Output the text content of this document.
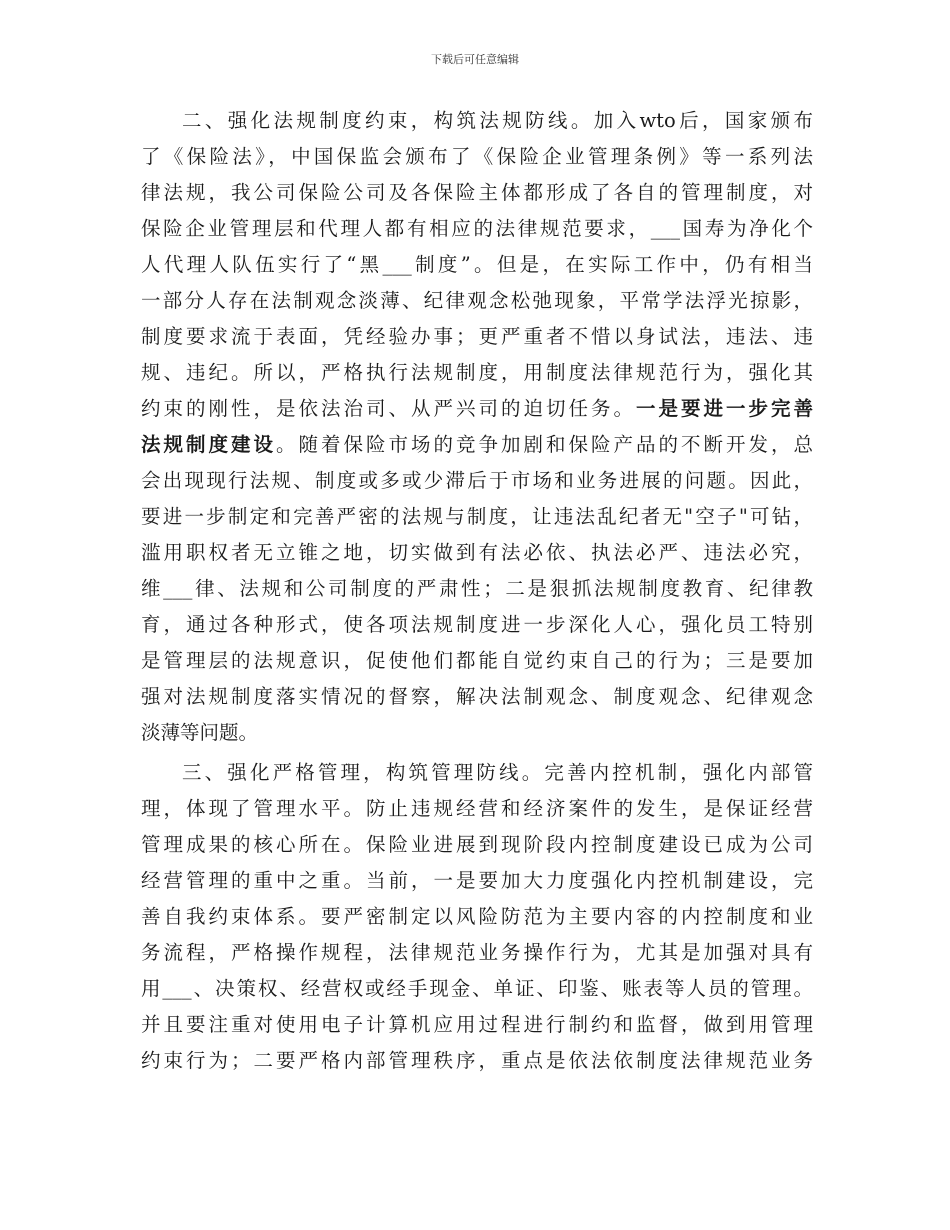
下载后可任意编辑
二、强化法规制度约束，构筑法规防线。加入wto后，国家颁布
了《保险法》，中国保监会颁布了《保险企业管理条例》等一系列法
律法规，我公司保险公司及各保险主体都形成了各自的管理制度，对
保险企业管理层和代理人都有相应的法律规范要求，___国寿为净化个
人代理人队伍实行了“黑___制度”。但是，在实际工作中，仍有相当
一部分人存在法制观念淡薄、纪律观念松弛现象，平常学法浮光掠影，
制度要求流于表面，凭经验办事；更严重者不惜以身试法，违法、违
规、违纪。所以，严格执行法规制度，用制度法律规范行为，强化其
约束的刚性，是依法治司、从严兴司的迫切任务。一是要进一步完善
法规制度建设。随着保险市场的竞争加剧和保险产品的不断开发，总
会出现现行法规、制度或多或少滞后于市场和业务进展的问题。因此，
要进一步制定和完善严密的法规与制度，让违法乱纪者无"空子"可钻，
滥用职权者无立锥之地，切实做到有法必依、执法必严、违法必究，
维___律、法规和公司制度的严肃性；二是狠抓法规制度教育、纪律教
育，通过各种形式，使各项法规制度进一步深化人心，强化员工特别
是管理层的法规意识，促使他们都能自觉约束自己的行为；三是要加
强对法规制度落实情况的督察，解决法制观念、制度观念、纪律观念
淡薄等问题。
三、强化严格管理，构筑管理防线。完善内控机制，强化内部管
理，体现了管理水平。防止违规经营和经济案件的发生，是保证经营
管理成果的核心所在。保险业进展到现阶段内控制度建设已成为公司
经营管理的重中之重。当前，一是要加大力度强化内控机制建设，完
善自我约束体系。要严密制定以风险防范为主要内容的内控制度和业
务流程，严格操作规程，法律规范业务操作行为，尤其是加强对具有
用___、决策权、经营权或经手现金、单证、印鉴、账表等人员的管理。
并且要注重对使用电子计算机应用过程进行制约和监督，做到用管理
约束行为；二要严格内部管理秩序，重点是依法依制度法律规范业务
